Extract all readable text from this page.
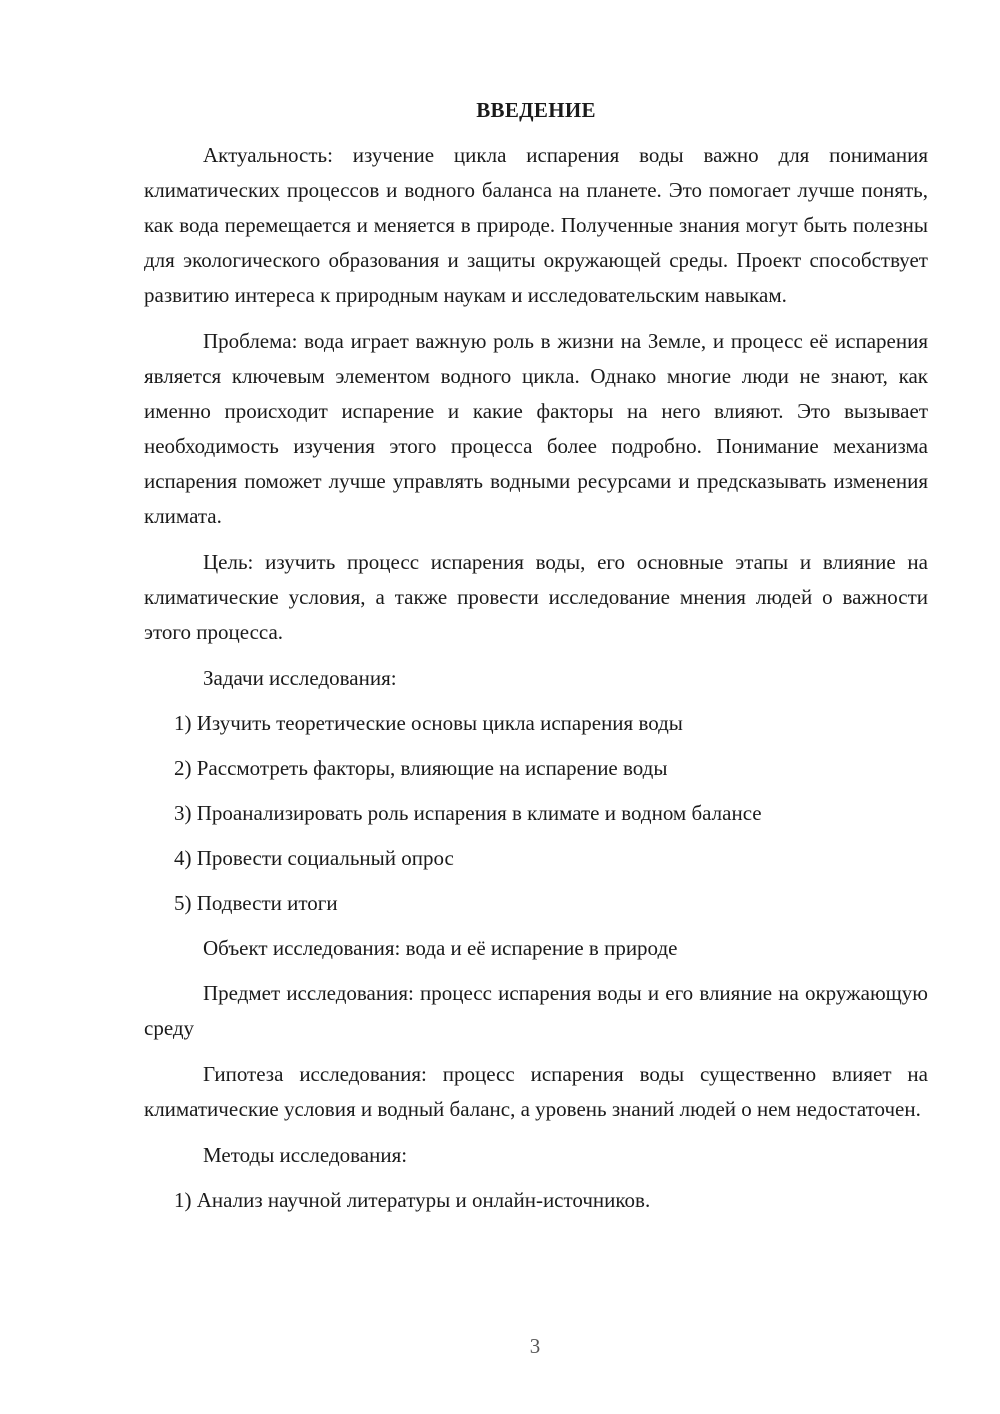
ВВЕДЕНИЕ

Актуальность: изучение цикла испарения воды важно для понимания климатических процессов и водного баланса на планете. Это помогает лучше понять, как вода перемещается и меняется в природе. Полученные знания могут быть полезны для экологического образования и защиты окружающей среды. Проект способствует развитию интереса к природным наукам и исследовательским навыкам.

Проблема: вода играет важную роль в жизни на Земле, и процесс её испарения является ключевым элементом водного цикла. Однако многие люди не знают, как именно происходит испарение и какие факторы на него влияют. Это вызывает необходимость изучения этого процесса более подробно. Понимание механизма испарения поможет лучше управлять водными ресурсами и предсказывать изменения климата.

Цель: изучить процесс испарения воды, его основные этапы и влияние на климатические условия, а также провести исследование мнения людей о важности этого процесса.

Задачи исследования:

1) Изучить теоретические основы цикла испарения воды
2) Рассмотреть факторы, влияющие на испарение воды
3) Проанализировать роль испарения в климате и водном балансе
4) Провести социальный опрос
5) Подвести итоги

Объект исследования: вода и её испарение в природе

Предмет исследования: процесс испарения воды и его влияние на окружающую среду

Гипотеза исследования: процесс испарения воды существенно влияет на климатические условия и водный баланс, а уровень знаний людей о нем недостаточен.

Методы исследования:

1) Анализ научной литературы и онлайн-источников.
3
